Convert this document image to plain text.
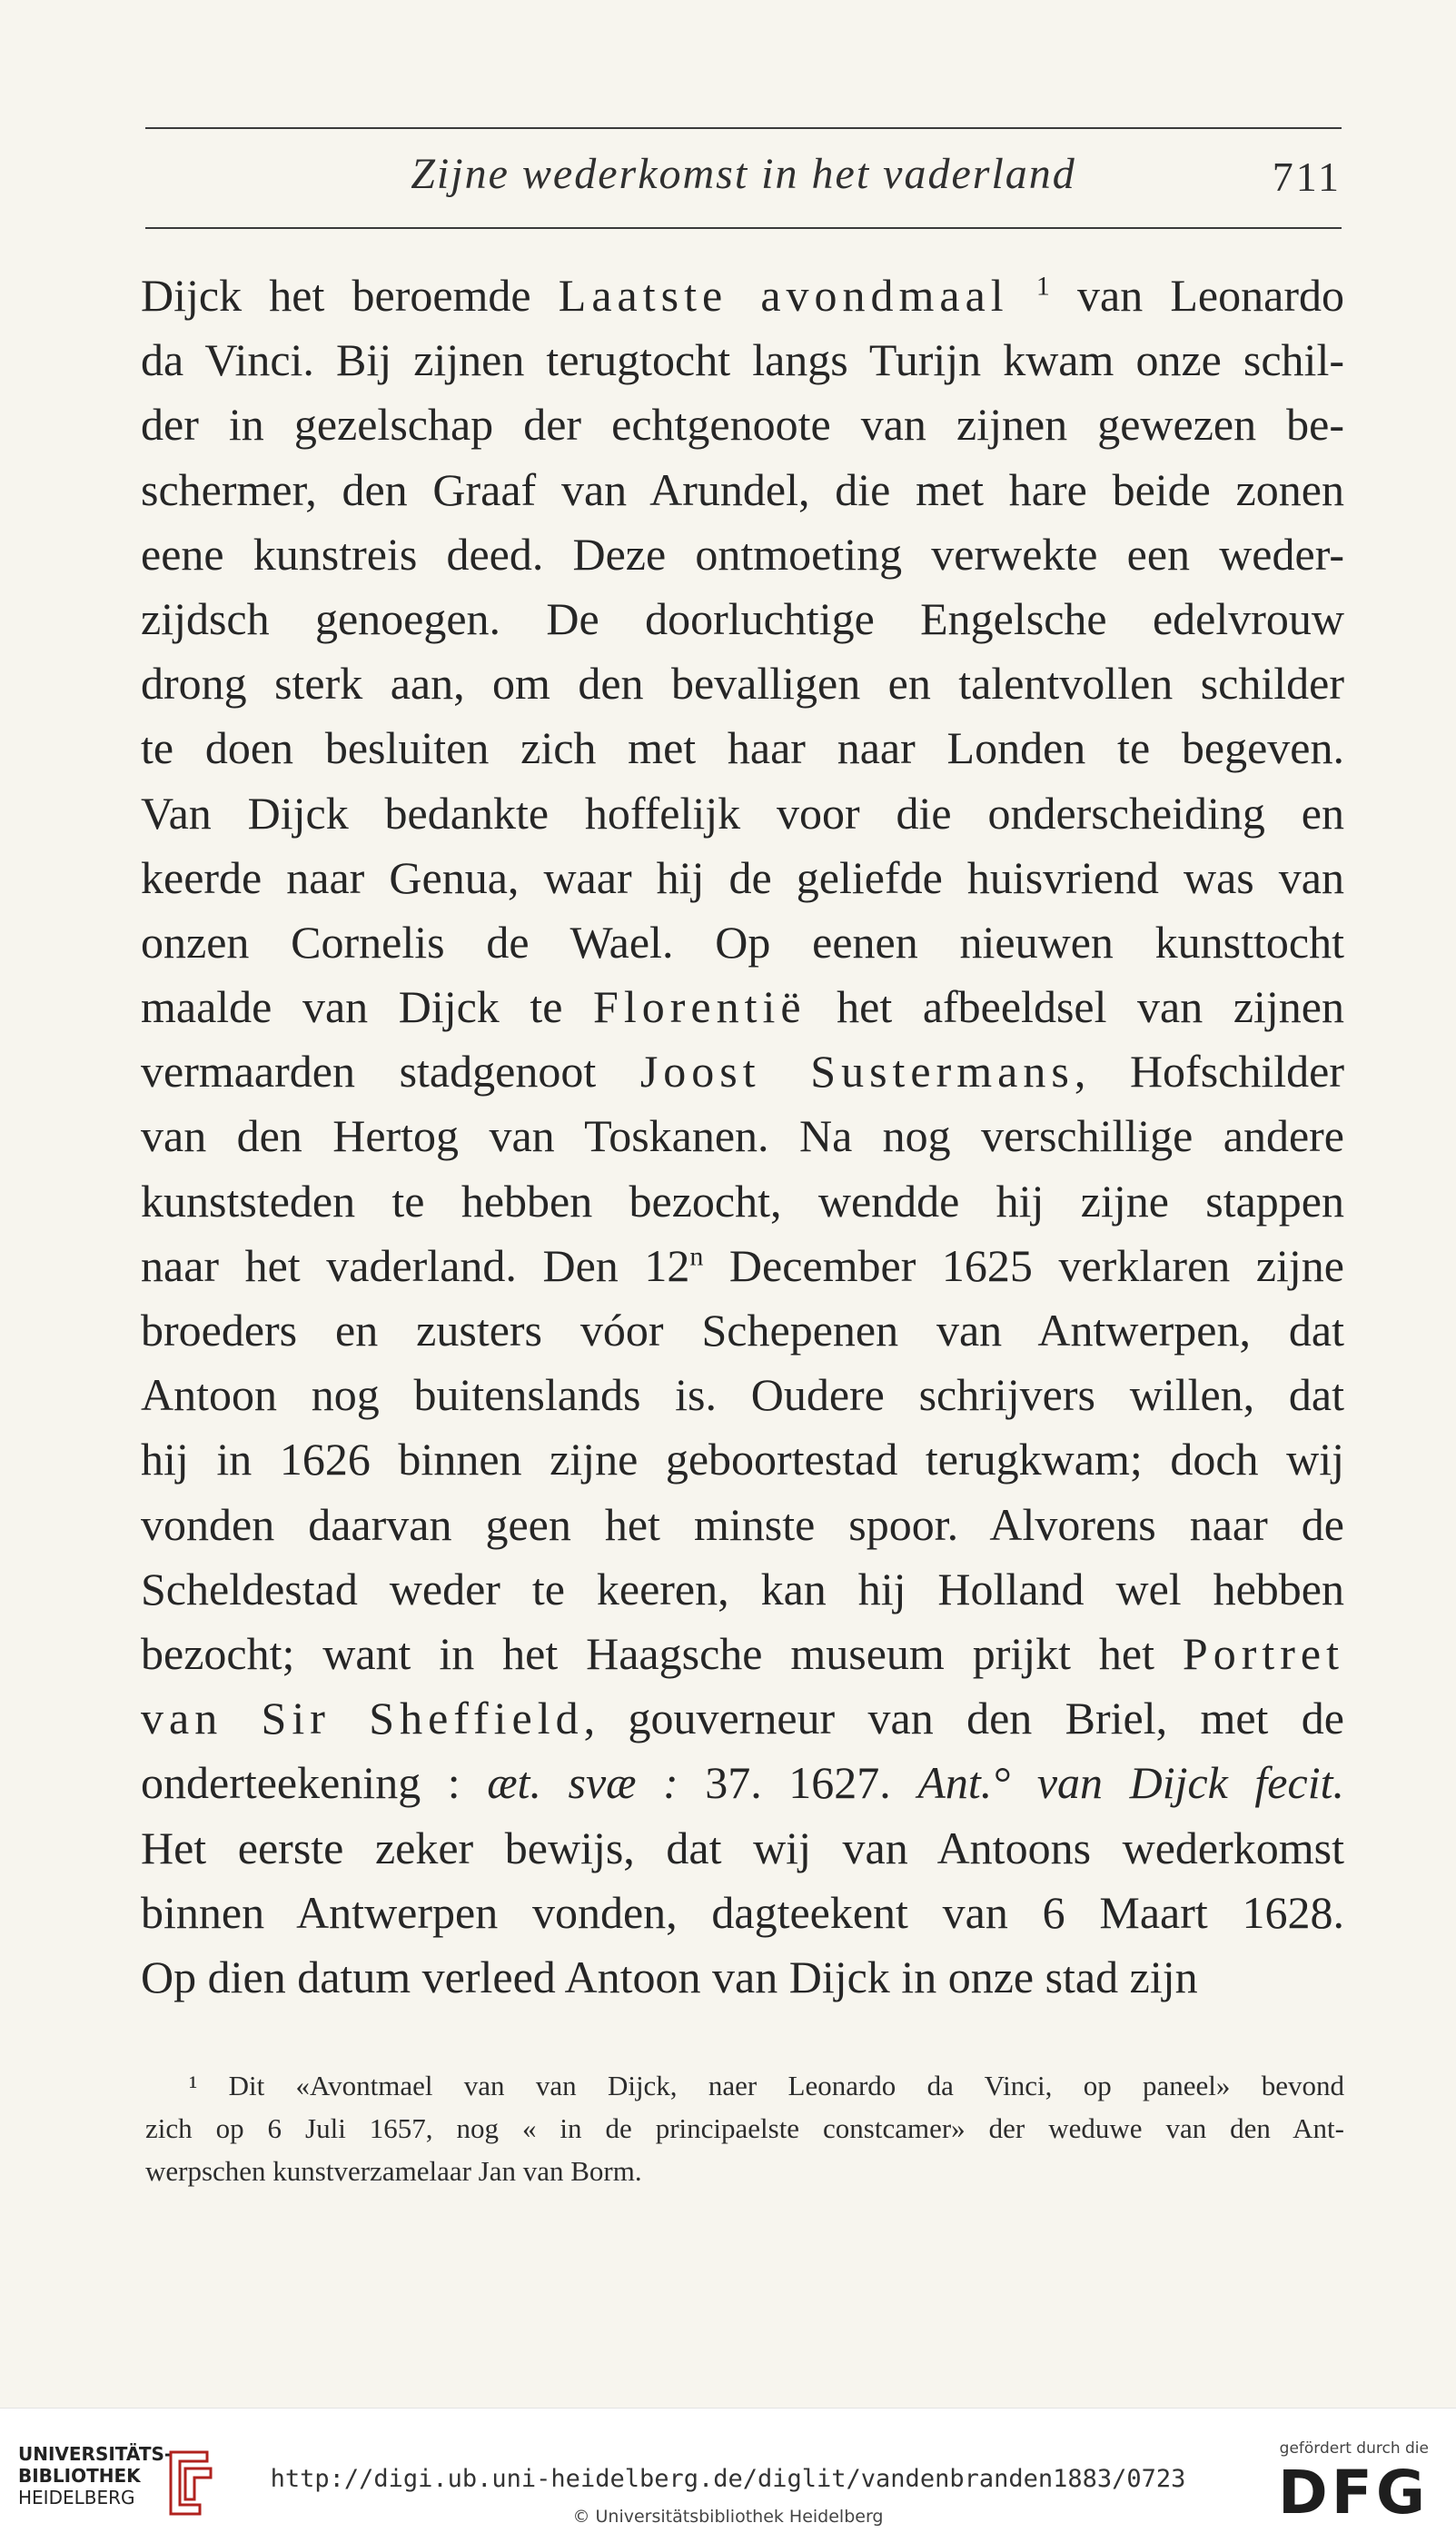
Zijne wederkomst in het vaderland	711
Dijck het beroemde Laatste avondmaal $^1$ van Leonardo
da Vinci. Bij zijnen terugtocht langs Turijn kwam onze schil-
der in gezelschap der echtgenoote van zijnen gewezen be-
schermer, den Graaf van Arundel, die met hare beide zonen
eene kunstreis deed. Deze ontmoeting verwekte een weder-
zijdsch genoegen. De doorluchtige Engelsche edelvrouw
drong sterk aan, om den bevalligen en talentvollen schilder
te doen besluiten zich met haar naar Londen te begeven.
Van Dijck bedankte hoffelijk voor die onderscheiding en
keerde naar Genua, waar hij de geliefde huisvriend was van
onzen Cornelis de Wael. Op eenen nieuwen kunsttocht
maalde van Dijck te Florentië het afbeeldsel van zijnen
vermaarden stadgenoot Joost Sustermans, Hofschilder
van den Hertog van Toskanen. Na nog verschillige andere
kunststeden te hebben bezocht, wendde hij zijne stappen
naar het vaderland. Den 12$^n$ December 1625 verklaren zijne
broeders en zusters vóor Schepenen van Antwerpen, dat
Antoon nog buitenslands is. Oudere schrijvers willen, dat
hij in 1626 binnen zijne geboortestad terugkwam; doch wij
vonden daarvan geen het minste spoor. Alvorens naar de
Scheldestad weder te keeren, kan hij Holland wel hebben
bezocht; want in het Haagsche museum prijkt het Portret
van Sir Sheffield, gouverneur van den Briel, met de
onderteekening : æt. svæ : 37. 1627. Ant.° van Dijck fecit.
Het eerste zeker bewijs, dat wij van Antoons wederkomst
binnen Antwerpen vonden, dagteekent van 6 Maart 1628.
Op dien datum verleed Antoon van Dijck in onze stad zijn
¹ Dit «Avontmael van van Dijck, naer Leonardo da Vinci, op paneel» bevond
zich op 6 Juli 1657, nog « in de principaelste constcamer» der weduwe van den Ant-
werpschen kunstverzamelaar Jan van Borm.
UNIVERSITÄTS-
BIBLIOTHEK
HEIDELBERG
http://digi.ub.uni-heidelberg.de/diglit/vandenbranden1883/0723
© Universitätsbibliothek Heidelberg
gefördert durch die
DFG
